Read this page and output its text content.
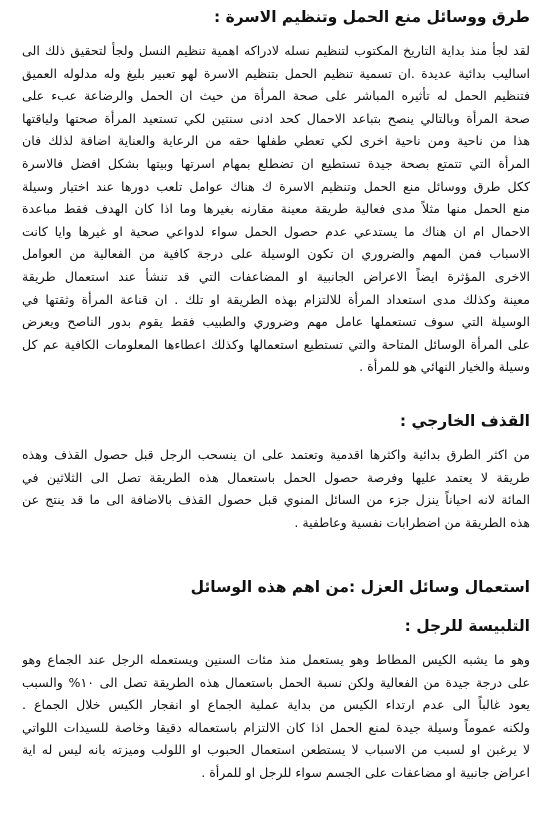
طرق ووسائل منع الحمل وتنظيم الاسرة :
لقد لجأ منذ بداية التاريخ المكتوب لتنظيم نسله لادراكه اهمية تنظيم النسل ولجأ لتحقيق ذلك الى
اساليب بدائية عديدة .ان تسمية تنظيم الحمل بتنظيم الاسرة لهو تعبير بليغ وله مدلوله العميق
فتنظيم الحمل له تأثيره المباشر على صحة المرأة من حيث ان الحمل والرضاعة عبء على
صحة المرأة وبالتالي ينصح بتباعد الاحمال كحد ادنى سنتين لكي تستعيد المرأة صحتها ولياقتها
هذا من ناحية ومن ناحية اخرى لكي تعطي طفلها حقه من الرعاية والعناية اضافة لذلك فان
المرأة التي تتمتع بصحة جيدة تستطيع ان تضطلع بمهام اسرتها وبيتها بشكل افضل فالاسرة
ككل طرق ووسائل منع الحمل وتنظيم الاسرة ك هناك عوامل تلعب دورها عند اختيار وسيلة
منع الحمل منها مثلاً مدى فعالية طريقة معينة مقارنه بغيرها وما اذا كان الهدف فقط مباعدة
الاحمال ام ان هناك ما يستدعي عدم حصول الحمل سواء لدواعي صحية او غيرها وايا كانت
الاسباب فمن المهم والضروري ان تكون الوسيلة على درجة كافية من الفعالية من العوامل
الاخرى المؤثرة ايضاً الاعراض الجانبية او المضاعفات التي قد تنشأ عند استعمال طريقة
معينة وكذلك مدى استعداد المرأة للالتزام بهذه الطريقة او تلك . ان قناعة المرأة وثقتها في
الوسيلة التي سوف تستعملها عامل مهم وضروري والطبيب فقط يقوم بدور الناصح ويعرض
على المرأة الوسائل المتاحة والتي تستطيع استعمالها وكذلك اعطاءها المعلومات الكافية عم كل
وسيلة والخيار النهائي هو للمرأة .
القذف الخارجي :
من اكثر الطرق بدائية واكثرها اقدمية وتعتمد على ان ينسحب الرجل قبل حصول القذف وهذه
طريقة لا يعتمد عليها وفرصة حصول الحمل باستعمال هذه الطريقة تصل الى الثلاثين في
المائة لانه احياناً ينزل جزء من السائل المنوي قبل حصول القذف بالاضافة الى ما قد ينتج عن
هذه الطريقة من اضطرابات نفسية وعاطفية .
استعمال وسائل العزل :من اهم هذه الوسائل
التلبيسة للرجل :
وهو ما يشبه الكيس المطاط وهو يستعمل منذ مئات السنين ويستعمله الرجل عند الجماع وهو
على درجة جيدة من الفعالية ولكن نسبة الحمل باستعمال هذه الطريقة تصل الى ١٠% والسبب
يعود غالباً الى عدم ارتداء الكيس من بداية عملية الجماع او انفجار الكيس خلال الجماع .
ولكنه عموماً وسيلة جيدة لمنع الحمل اذا كان الالتزام باستعماله دقيقا وخاصة للسيدات اللواتي
لا يرغبن او لسبب من الاسباب لا يستطعن استعمال الحبوب او اللولب وميزته بانه ليس له اية
اعراض جانبية او مضاعفات على الجسم سواء للرجل او للمرأة .
